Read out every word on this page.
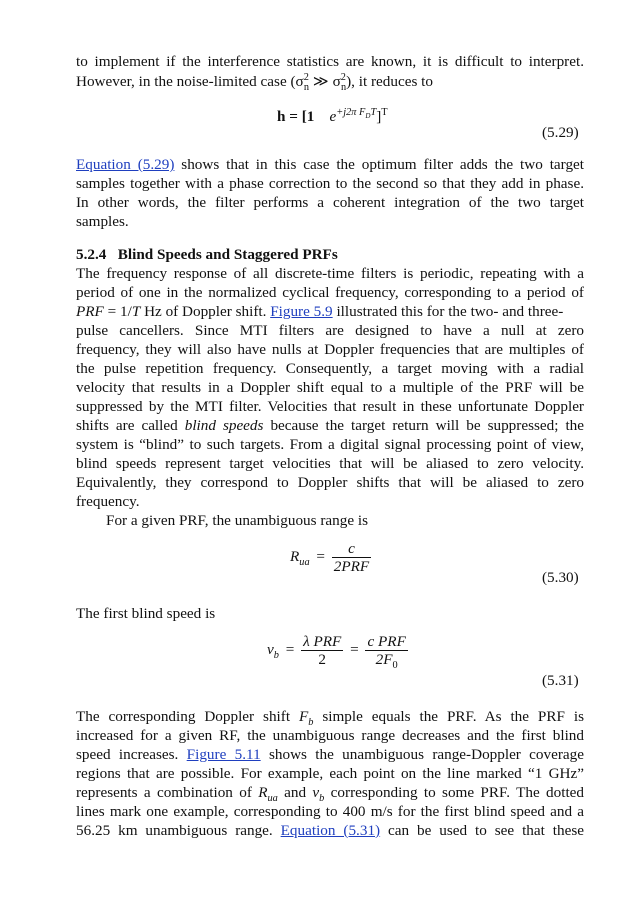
to implement if the interference statistics are known, it is difficult to interpret.
However, in the noise-limited case ($\sigma^2_n$ ≫ $\sigma^2_n$), it reduces to
h = [1 $e^{+j2\pi F_DT}]^T$
(5.29)
Equation (5.29) shows that in this case the optimum filter adds the two target
samples together with a phase correction to the second so that they add in phase.
In other words, the filter performs a coherent integration of the two target
samples.
5.2.4 Blind Speeds and Staggered PRFs
The frequency response of all discrete-time filters is periodic, repeating with a
period of one in the normalized cyclical frequency, corresponding to a period of
PRF = 1/T Hz of Doppler shift. Figure 5.9 illustrated this for the two- and three-
pulse cancellers. Since MTI filters are designed to have a null at zero
frequency, they will also have nulls at Doppler frequencies that are multiples of
the pulse repetition frequency. Consequently, a target moving with a radial
velocity that results in a Doppler shift equal to a multiple of the PRF will be
suppressed by the MTI filter. Velocities that result in these unfortunate Doppler
shifts are called blind speeds because the target return will be suppressed; the
system is “blind” to such targets. From a digital signal processing point of view,
blind speeds represent target velocities that will be aliased to zero velocity.
Equivalently, they correspond to Doppler shifts that will be aliased to zero
frequency.
For a given PRF, the unambiguous range is
$R_{ua} = \frac{c}{\text{2PRF}}$
(5.30)
The first blind speed is
$v_b = \frac{\text{λ PRF}}{2} = \frac{\text{c PRF}}{2F_0}$
(5.31)
The corresponding Doppler shift $F_b$ simple equals the PRF. As the PRF is
increased for a given RF, the unambiguous range decreases and the first blind
speed increases. Figure 5.11 shows the unambiguous range-Doppler coverage
regions that are possible. For example, each point on the line marked “1 GHz”
represents a combination of $R_{ua}$ and $v_b$ corresponding to some PRF. The dotted
lines mark one example, corresponding to 400 m/s for the first blind speed and a
56.25 km unambiguous range. Equation (5.31) can be used to see that these
